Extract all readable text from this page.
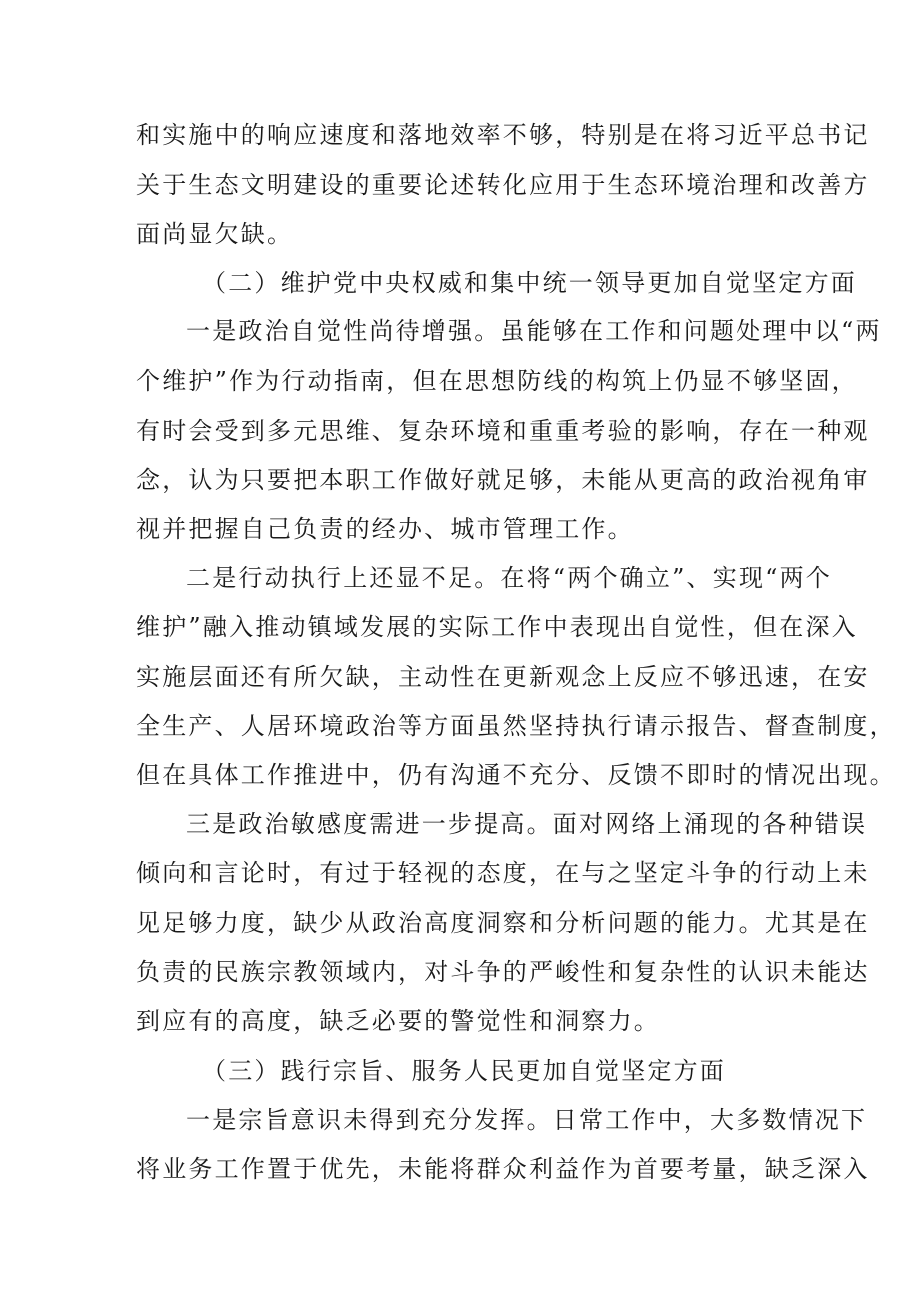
和实施中的响应速度和落地效率不够，特别是在将习近平总书记
关于生态文明建设的重要论述转化应用于生态环境治理和改善方
面尚显欠缺。
（二）维护党中央权威和集中统一领导更加自觉坚定方面
一是政治自觉性尚待增强。虽能够在工作和问题处理中以“两
个维护”作为行动指南，但在思想防线的构筑上仍显不够坚固，
有时会受到多元思维、复杂环境和重重考验的影响，存在一种观
念，认为只要把本职工作做好就足够，未能从更高的政治视角审
视并把握自己负责的经办、城市管理工作。
二是行动执行上还显不足。在将“两个确立”、实现“两个
维护”融入推动镇域发展的实际工作中表现出自觉性，但在深入
实施层面还有所欠缺，主动性在更新观念上反应不够迅速，在安
全生产、人居环境政治等方面虽然坚持执行请示报告、督查制度，
但在具体工作推进中，仍有沟通不充分、反馈不即时的情况出现。
三是政治敏感度需进一步提高。面对网络上涌现的各种错误
倾向和言论时，有过于轻视的态度，在与之坚定斗争的行动上未
见足够力度，缺少从政治高度洞察和分析问题的能力。尤其是在
负责的民族宗教领域内，对斗争的严峻性和复杂性的认识未能达
到应有的高度，缺乏必要的警觉性和洞察力。
（三）践行宗旨、服务人民更加自觉坚定方面
一是宗旨意识未得到充分发挥。日常工作中，大多数情况下
将业务工作置于优先，未能将群众利益作为首要考量，缺乏深入
